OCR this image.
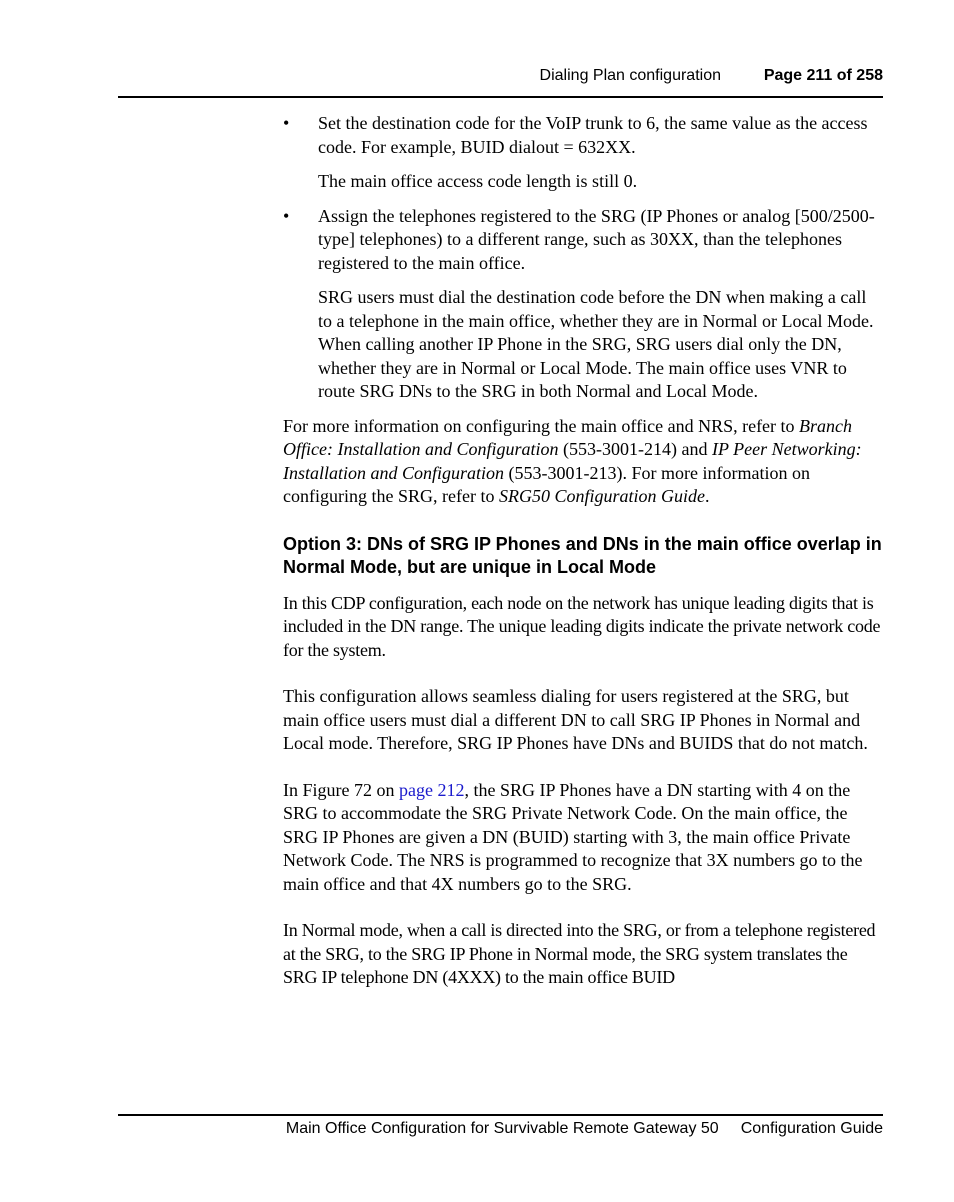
Dialing Plan configuration	Page 211 of 258
• Set the destination code for the VoIP trunk to 6, the same value as the access code. For example, BUID dialout = 632XX.
The main office access code length is still 0.
• Assign the telephones registered to the SRG (IP Phones or analog [500/2500-type] telephones) to a different range, such as 30XX, than the telephones registered to the main office.
SRG users must dial the destination code before the DN when making a call to a telephone in the main office, whether they are in Normal or Local Mode. When calling another IP Phone in the SRG, SRG users dial only the DN, whether they are in Normal or Local Mode. The main office uses VNR to route SRG DNs to the SRG in both Normal and Local Mode.

For more information on configuring the main office and NRS, refer to Branch Office: Installation and Configuration (553-3001-214) and IP Peer Networking: Installation and Configuration (553-3001-213). For more information on configuring the SRG, refer to SRG50 Configuration Guide.

Option 3: DNs of SRG IP Phones and DNs in the main office overlap in Normal Mode, but are unique in Local Mode

In this CDP configuration, each node on the network has unique leading digits that is included in the DN range. The unique leading digits indicate the private network code for the system.

This configuration allows seamless dialing for users registered at the SRG, but main office users must dial a different DN to call SRG IP Phones in Normal and Local mode. Therefore, SRG IP Phones have DNs and BUIDS that do not match.

In Figure 72 on page 212, the SRG IP Phones have a DN starting with 4 on the SRG to accommodate the SRG Private Network Code. On the main office, the SRG IP Phones are given a DN (BUID) starting with 3, the main office Private Network Code. The NRS is programmed to recognize that 3X numbers go to the main office and that 4X numbers go to the SRG.

In Normal mode, when a call is directed into the SRG, or from a telephone registered at the SRG, to the SRG IP Phone in Normal mode, the SRG system translates the SRG IP telephone DN (4XXX) to the main office BUID

Main Office Configuration for Survivable Remote Gateway 50 Configuration Guide
